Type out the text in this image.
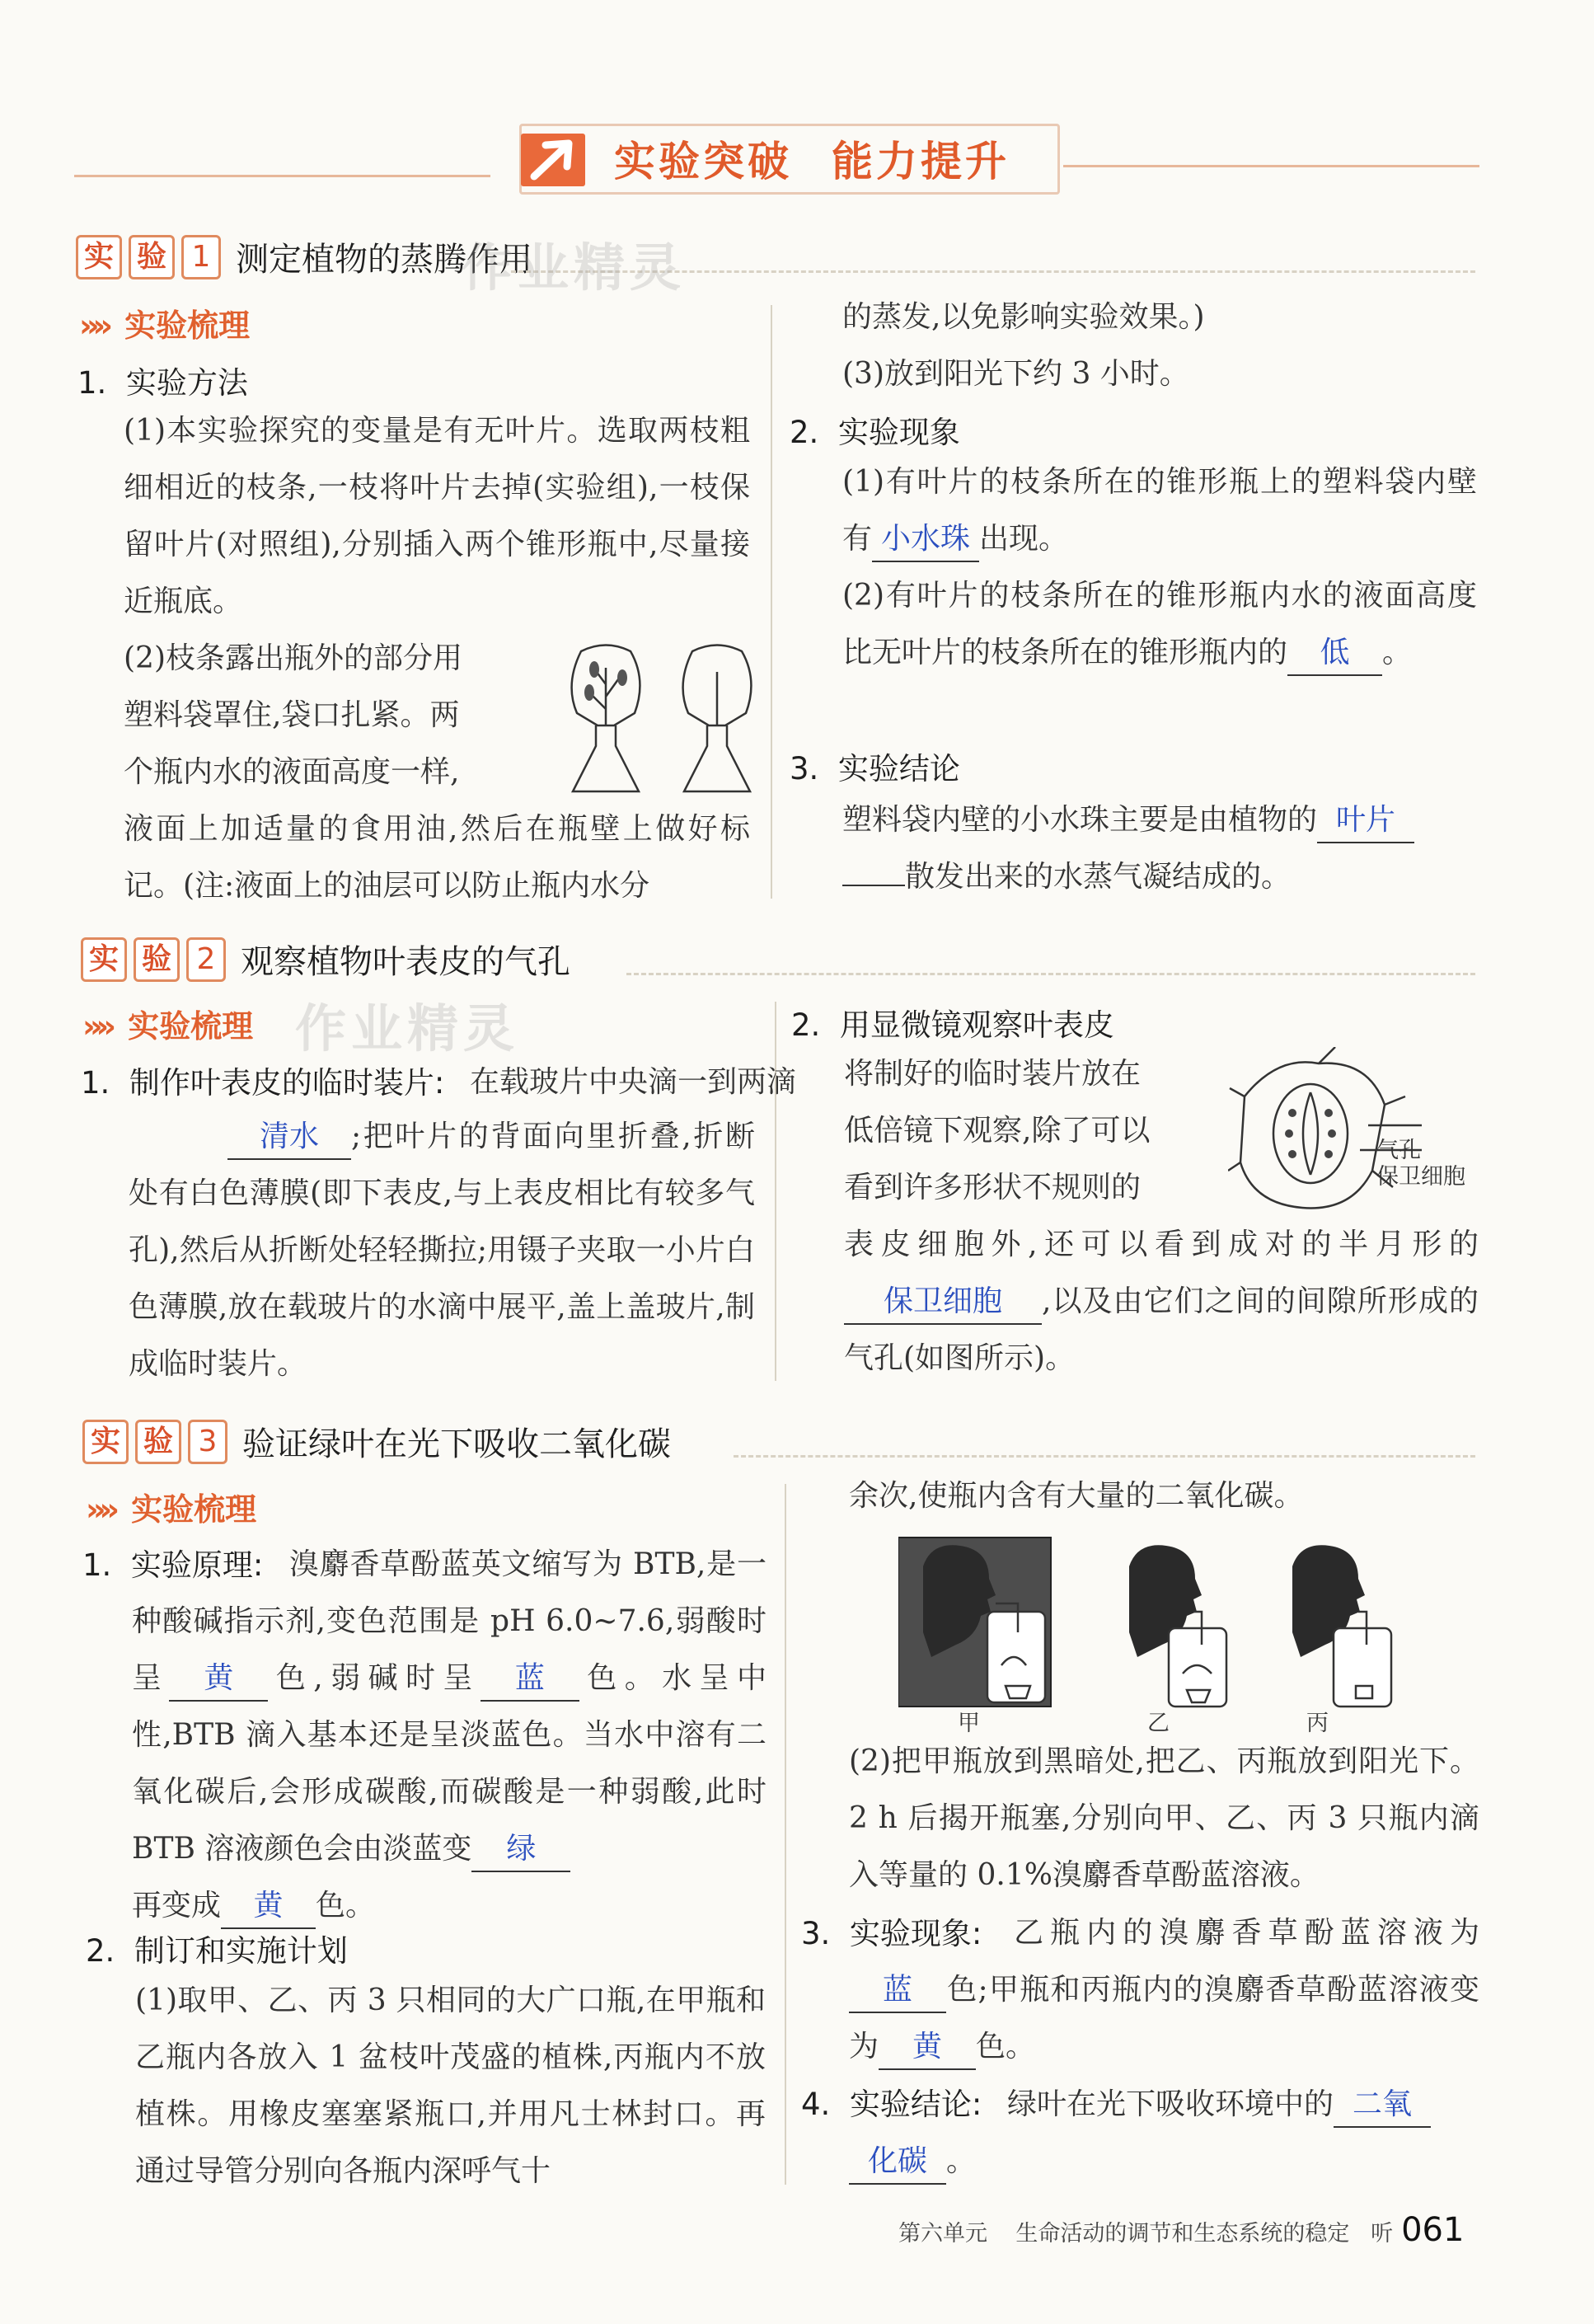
实验突破 能力提升
实 验 1 测定植物的蒸腾作用
作业精灵
»» 实验梳理
1. 实验方法
(1)本实验探究的变量是有无叶片。选取两枝粗细相近的枝条,一枝将叶片去掉(实验组),一枝保留叶片(对照组),分别插入两个锥形瓶中,尽量接近瓶底。

(2)枝条露出瓶外的部分用

塑料袋罩住,袋口扎紧。两

个瓶内水的液面高度一样,

液面上加适量的食用油,然后在瓶壁上做好标记。(注:液面上的油层可以防止瓶内水分
的蒸发,以免影响实验效果。)
(3)放到阳光下约 3 小时。
2. 实验现象
(1)有叶片的枝条所在的锥形瓶上的塑料袋内壁有 小水珠 出现。
(2)有叶片的枝条所在的锥形瓶内水的液面高度比无叶片的枝条所在的锥形瓶内的 低 。
3. 实验结论
塑料袋内壁的小水珠主要是由植物的 叶片
散发出来的水蒸气凝结成的。
实 验 2 观察植物叶表皮的气孔
作业精灵
»» 实验梳理
1. 制作叶表皮的临时装片: 在载玻片中央滴一到两滴
清水 ;把叶片的背面向里折叠,折断处有白色薄膜(即下表皮,与上表皮相比有较多气孔),然后从折断处轻轻撕拉;用镊子夹取一小片白色薄膜,放在载玻片的水滴中展平,盖上盖玻片,制成临时装片。
2. 用显微镜观察叶表皮

将制好的临时装片放在

低倍镜下观察,除了可以

看到许多形状不规则的

气孔
保卫细胞
表皮细胞外,还可以看到成对的半月形的保卫细胞 ,以及由它们之间的间隙所形成的气孔(如图所示)。
实 验 3 验证绿叶在光下吸收二氧化碳
»» 实验梳理
1. 实验原理: 溴麝香草酚蓝英文缩写为 BTB,是一种酸碱指示剂,变色范围是 pH 6.0~7.6,弱酸时呈 黄 色,弱碱时呈 蓝 色。水呈中性,BTB 滴入基本还是呈淡蓝色。当水中溶有二氧化碳后,会形成碳酸,而碳酸是一种弱酸,此时 BTB 溶液颜色会由淡蓝变 绿
再变成 黄 色。
2. 制订和实施计划
(1)取甲、乙、丙 3 只相同的大广口瓶,在甲瓶和乙瓶内各放入 1 盆枝叶茂盛的植株,丙瓶内不放植株。用橡皮塞塞紧瓶口,并用凡士林封口。再通过导管分别向各瓶内深呼气十
余次,使瓶内含有大量的二氧化碳。
甲	乙	丙
(2)把甲瓶放到黑暗处,把乙、丙瓶放到阳光下。2 h 后揭开瓶塞,分别向甲、乙、丙 3 只瓶内滴入等量的 0.1%溴麝香草酚蓝溶液。
3. 实验现象: 乙瓶内的溴麝香草酚蓝溶液为蓝 色;甲瓶和丙瓶内的溴麝香草酚蓝溶液变为 黄 色。
4. 实验结论: 绿叶在光下吸收环境中的 二氧
化碳 。
第六单元 生命活动的调节和生态系统的稳定 听 061
